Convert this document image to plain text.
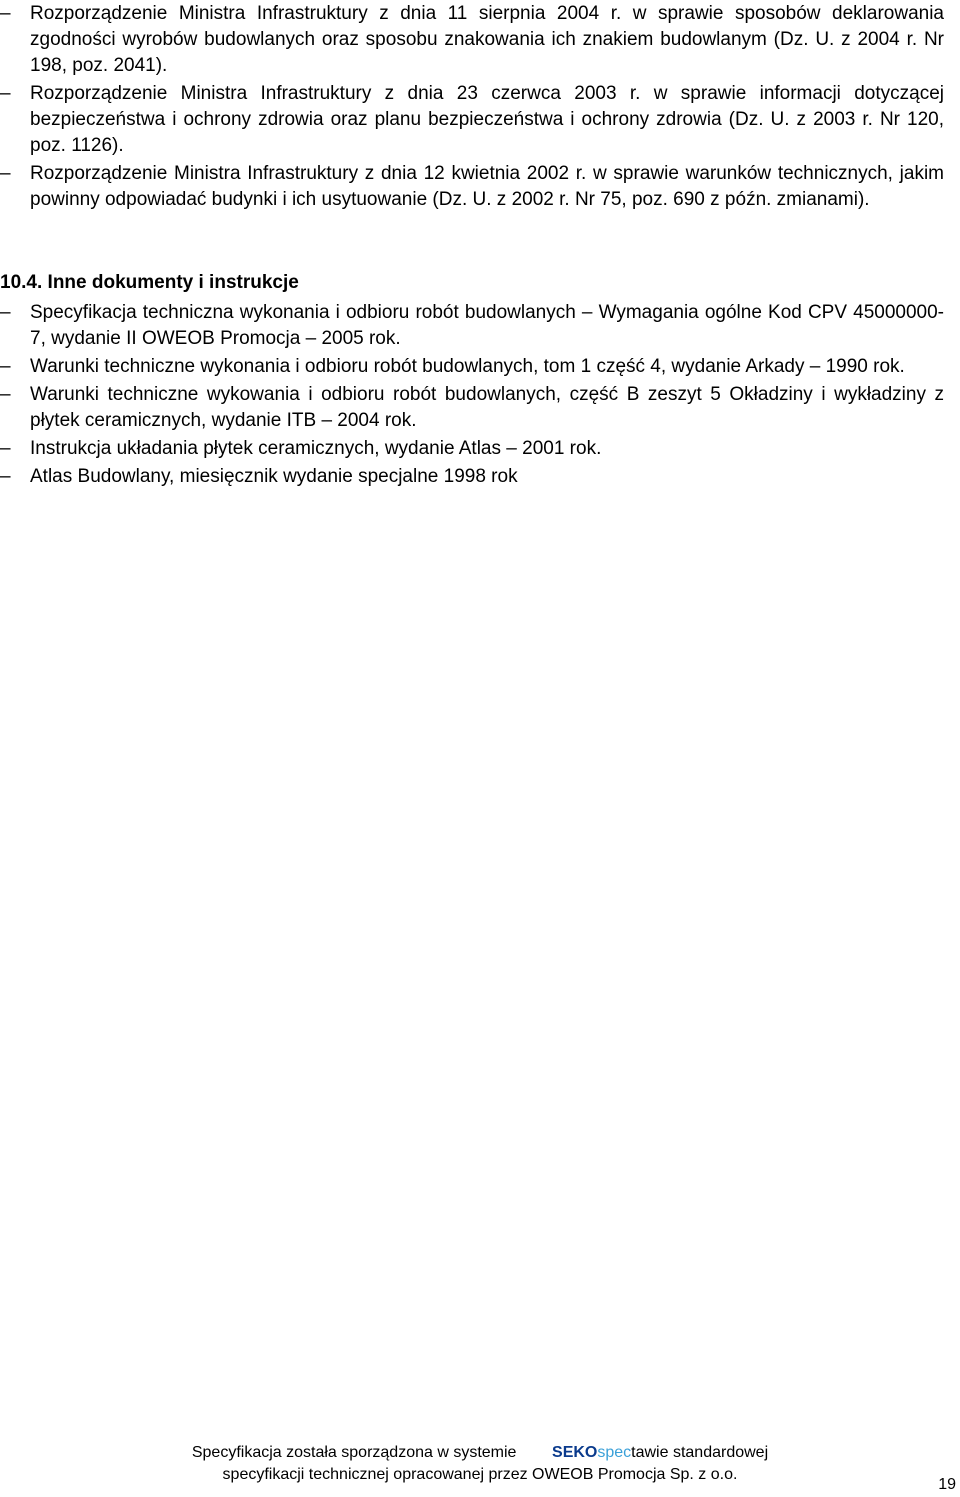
–	Rozporządzenie Ministra Infrastruktury z dnia 11 sierpnia 2004 r. w sprawie sposobów deklarowania zgodności wyrobów budowlanych oraz sposobu znakowania ich znakiem budowlanym (Dz. U. z 2004 r. Nr 198, poz. 2041).
–	Rozporządzenie Ministra Infrastruktury z dnia 23 czerwca 2003 r. w sprawie informacji dotyczącej bezpieczeństwa i ochrony zdrowia oraz planu bezpieczeństwa i ochrony zdrowia (Dz. U. z 2003 r. Nr 120, poz. 1126).
–	Rozporządzenie Ministra Infrastruktury z dnia 12 kwietnia 2002 r. w sprawie warunków technicznych, jakim powinny odpowiadać budynki i ich usytuowanie (Dz. U. z 2002 r. Nr 75, poz. 690 z późn. zmianami).
10.4. Inne dokumenty i instrukcje
–	Specyfikacja techniczna wykonania i odbioru robót budowlanych – Wymagania ogólne Kod CPV 45000000-7, wydanie II OWEOB Promocja – 2005 rok.
–	Warunki techniczne wykonania i odbioru robót budowlanych, tom 1 część 4, wydanie Arkady – 1990 rok.
–	Warunki techniczne wykowania i odbioru robót budowlanych, część B zeszyt 5 Okładziny i wykładziny z płytek ceramicznych, wydanie ITB – 2004 rok.
–	Instrukcja układania płytek ceramicznych, wydanie Atlas – 2001 rok.
–	Atlas Budowlany, miesięcznik wydanie specjalne 1998 rok
Specyfikacja została sporządzona w systemie SEKOspectawie standardowej
specyfikacji technicznej opracowanej przez OWEOB Promocja Sp. z o.o.
19
